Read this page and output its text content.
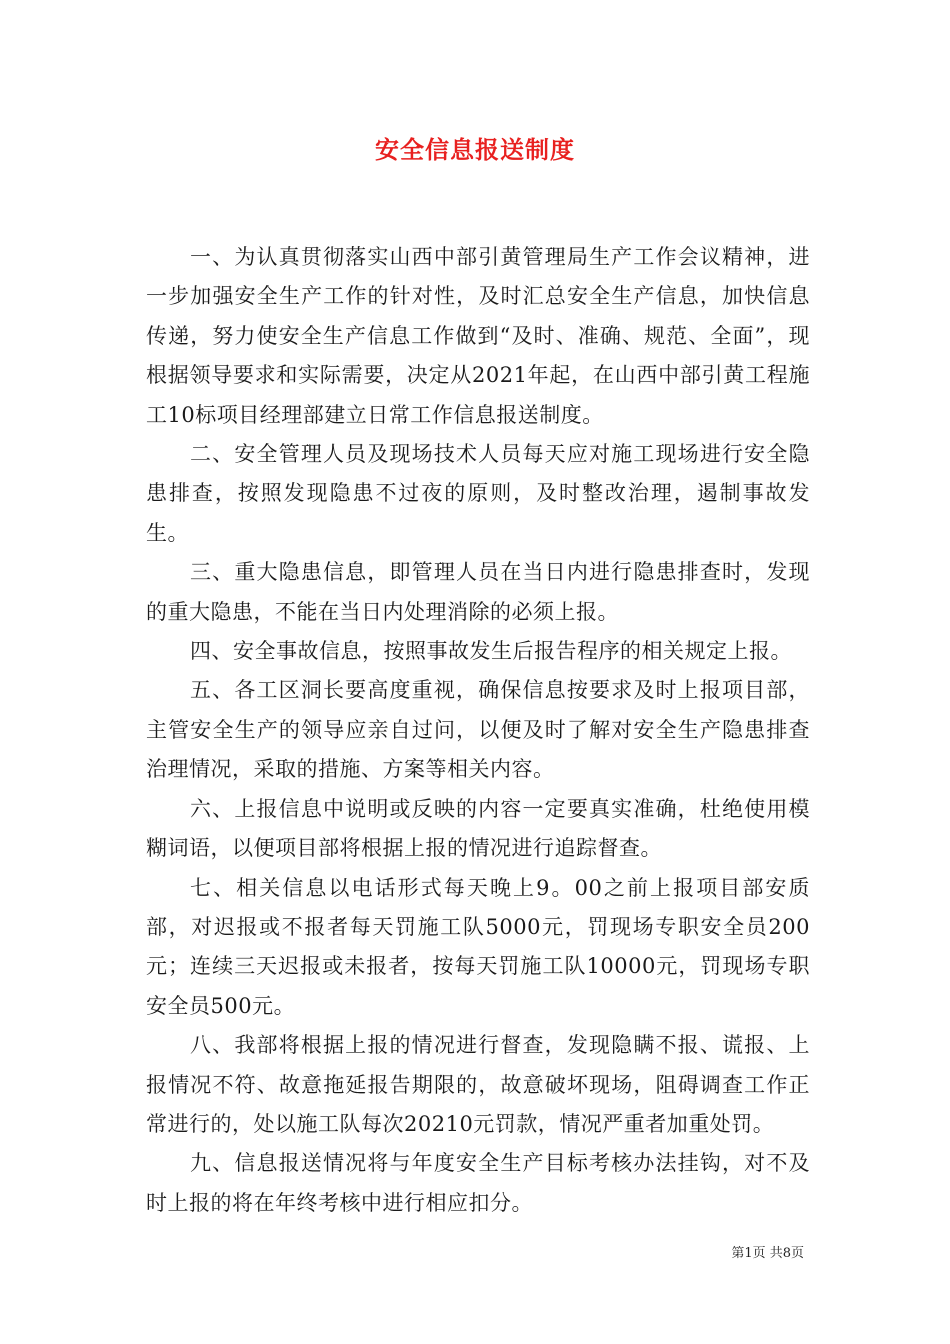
安全信息报送制度

一、为认真贯彻落实山西中部引黄管理局生产工作会议精神，进一步加强安全生产工作的针对性，及时汇总安全生产信息，加快信息传递，努力使安全生产信息工作做到“及时、准确、规范、全面”，现根据领导要求和实际需要，决定从2021年起，在山西中部引黄工程施工10标项目经理部建立日常工作信息报送制度。

二、安全管理人员及现场技术人员每天应对施工现场进行安全隐患排查，按照发现隐患不过夜的原则，及时整改治理，遏制事故发生。

三、重大隐患信息，即管理人员在当日内进行隐患排查时，发现的重大隐患，不能在当日内处理消除的必须上报。

四、安全事故信息，按照事故发生后报告程序的相关规定上报。

五、各工区洞长要高度重视，确保信息按要求及时上报项目部，主管安全生产的领导应亲自过问，以便及时了解对安全生产隐患排查治理情况，采取的措施、方案等相关内容。

六、上报信息中说明或反映的内容一定要真实准确，杜绝使用模糊词语，以便项目部将根据上报的情况进行追踪督查。

七、相关信息以电话形式每天晚上9。00之前上报项目部安质部，对迟报或不报者每天罚施工队5000元，罚现场专职安全员200元；连续三天迟报或未报者，按每天罚施工队10000元，罚现场专职安全员500元。

八、我部将根据上报的情况进行督查，发现隐瞒不报、谎报、上报情况不符、故意拖延报告期限的，故意破坏现场，阻碍调查工作正常进行的，处以施工队每次20210元罚款，情况严重者加重处罚。

九、信息报送情况将与年度安全生产目标考核办法挂钩，对不及时上报的将在年终考核中进行相应扣分。

第1页 共8页
